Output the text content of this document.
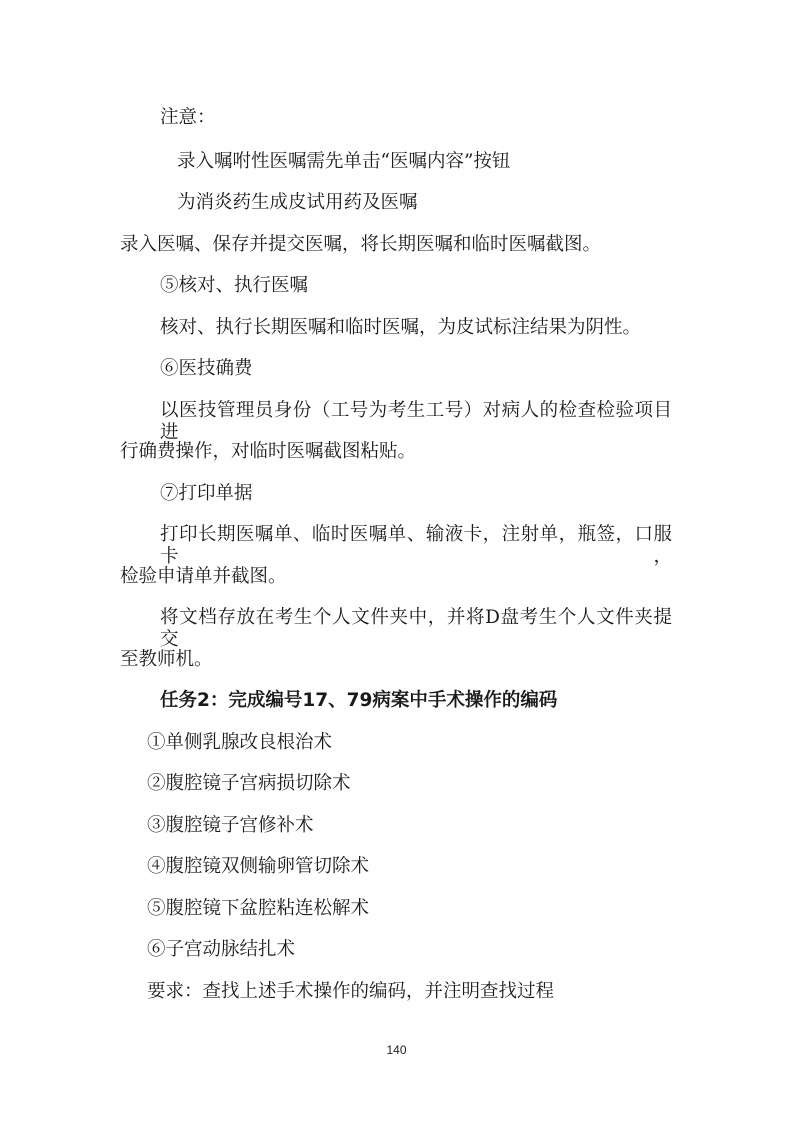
注意：
录入嘱咐性医嘱需先单击“医嘱内容”按钮
为消炎药生成皮试用药及医嘱
录入医嘱、保存并提交医嘱，将长期医嘱和临时医嘱截图。
⑤核对、执行医嘱
核对、执行长期医嘱和临时医嘱，为皮试标注结果为阴性。
⑥医技确费
以医技管理员身份（工号为考生工号）对病人的检查检验项目进
行确费操作，对临时医嘱截图粘贴。
⑦打印单据
打印长期医嘱单、临时医嘱单、输液卡，注射单，瓶签，口服卡，
检验申请单并截图。
将文档存放在考生个人文件夹中，并将D盘考生个人文件夹提交
至教师机。
任务2：完成编号17、79病案中手术操作的编码
①单侧乳腺改良根治术
②腹腔镜子宫病损切除术
③腹腔镜子宫修补术
④腹腔镜双侧输卵管切除术
⑤腹腔镜下盆腔粘连松解术
⑥子宫动脉结扎术
要求：查找上述手术操作的编码，并注明查找过程
140
